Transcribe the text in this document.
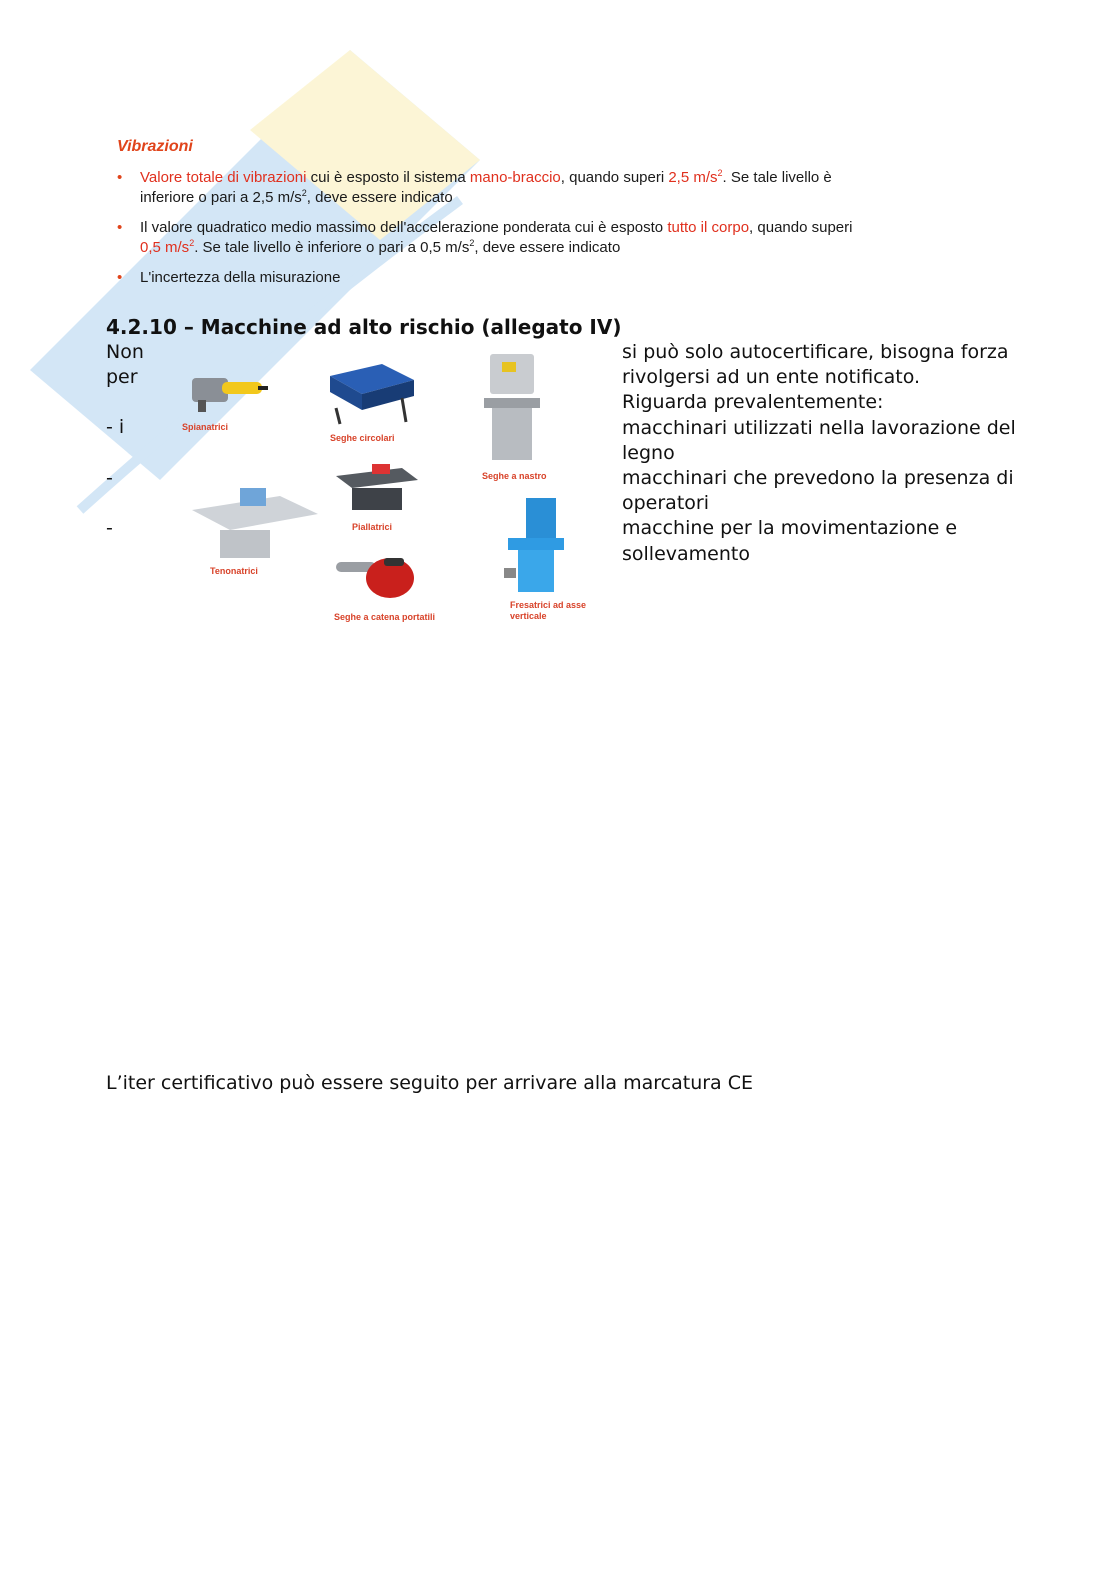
Vibrazioni
• Valore totale di vibrazioni cui è esposto il sistema mano-braccio, quando superi 2,5 $m/s^2$. Se tale livello è inferiore o pari a 2,5 $m/s^2$, deve essere indicato
• Il valore quadratico medio massimo dell'accelerazione ponderata cui è esposto tutto il corpo, quando superi 0,5 $m/s^2$. Se tale livello è inferiore o pari a 0,5 $m/s^2$, deve essere indicato
• L'incertezza della misurazione
4.2.10 – Macchine ad alto rischio (allegato IV)
Non
per
- i
-
-

si può solo autocertificare, bisogna forza rivolgersi ad un ente notificato.

Riguarda prevalentemente:

macchinari utilizzati nella lavorazione del legno

macchinari che prevedono la presenza di operatori

macchine per la movimentazione e sollevamento

Spianatrici
Seghe circolari
Seghe a nastro
Piallatrici
Tenonatrici
Seghe a catena portatili
Fresatrici ad asse
verticale
L’iter certificativo può essere seguito per arrivare alla marcatura CE
